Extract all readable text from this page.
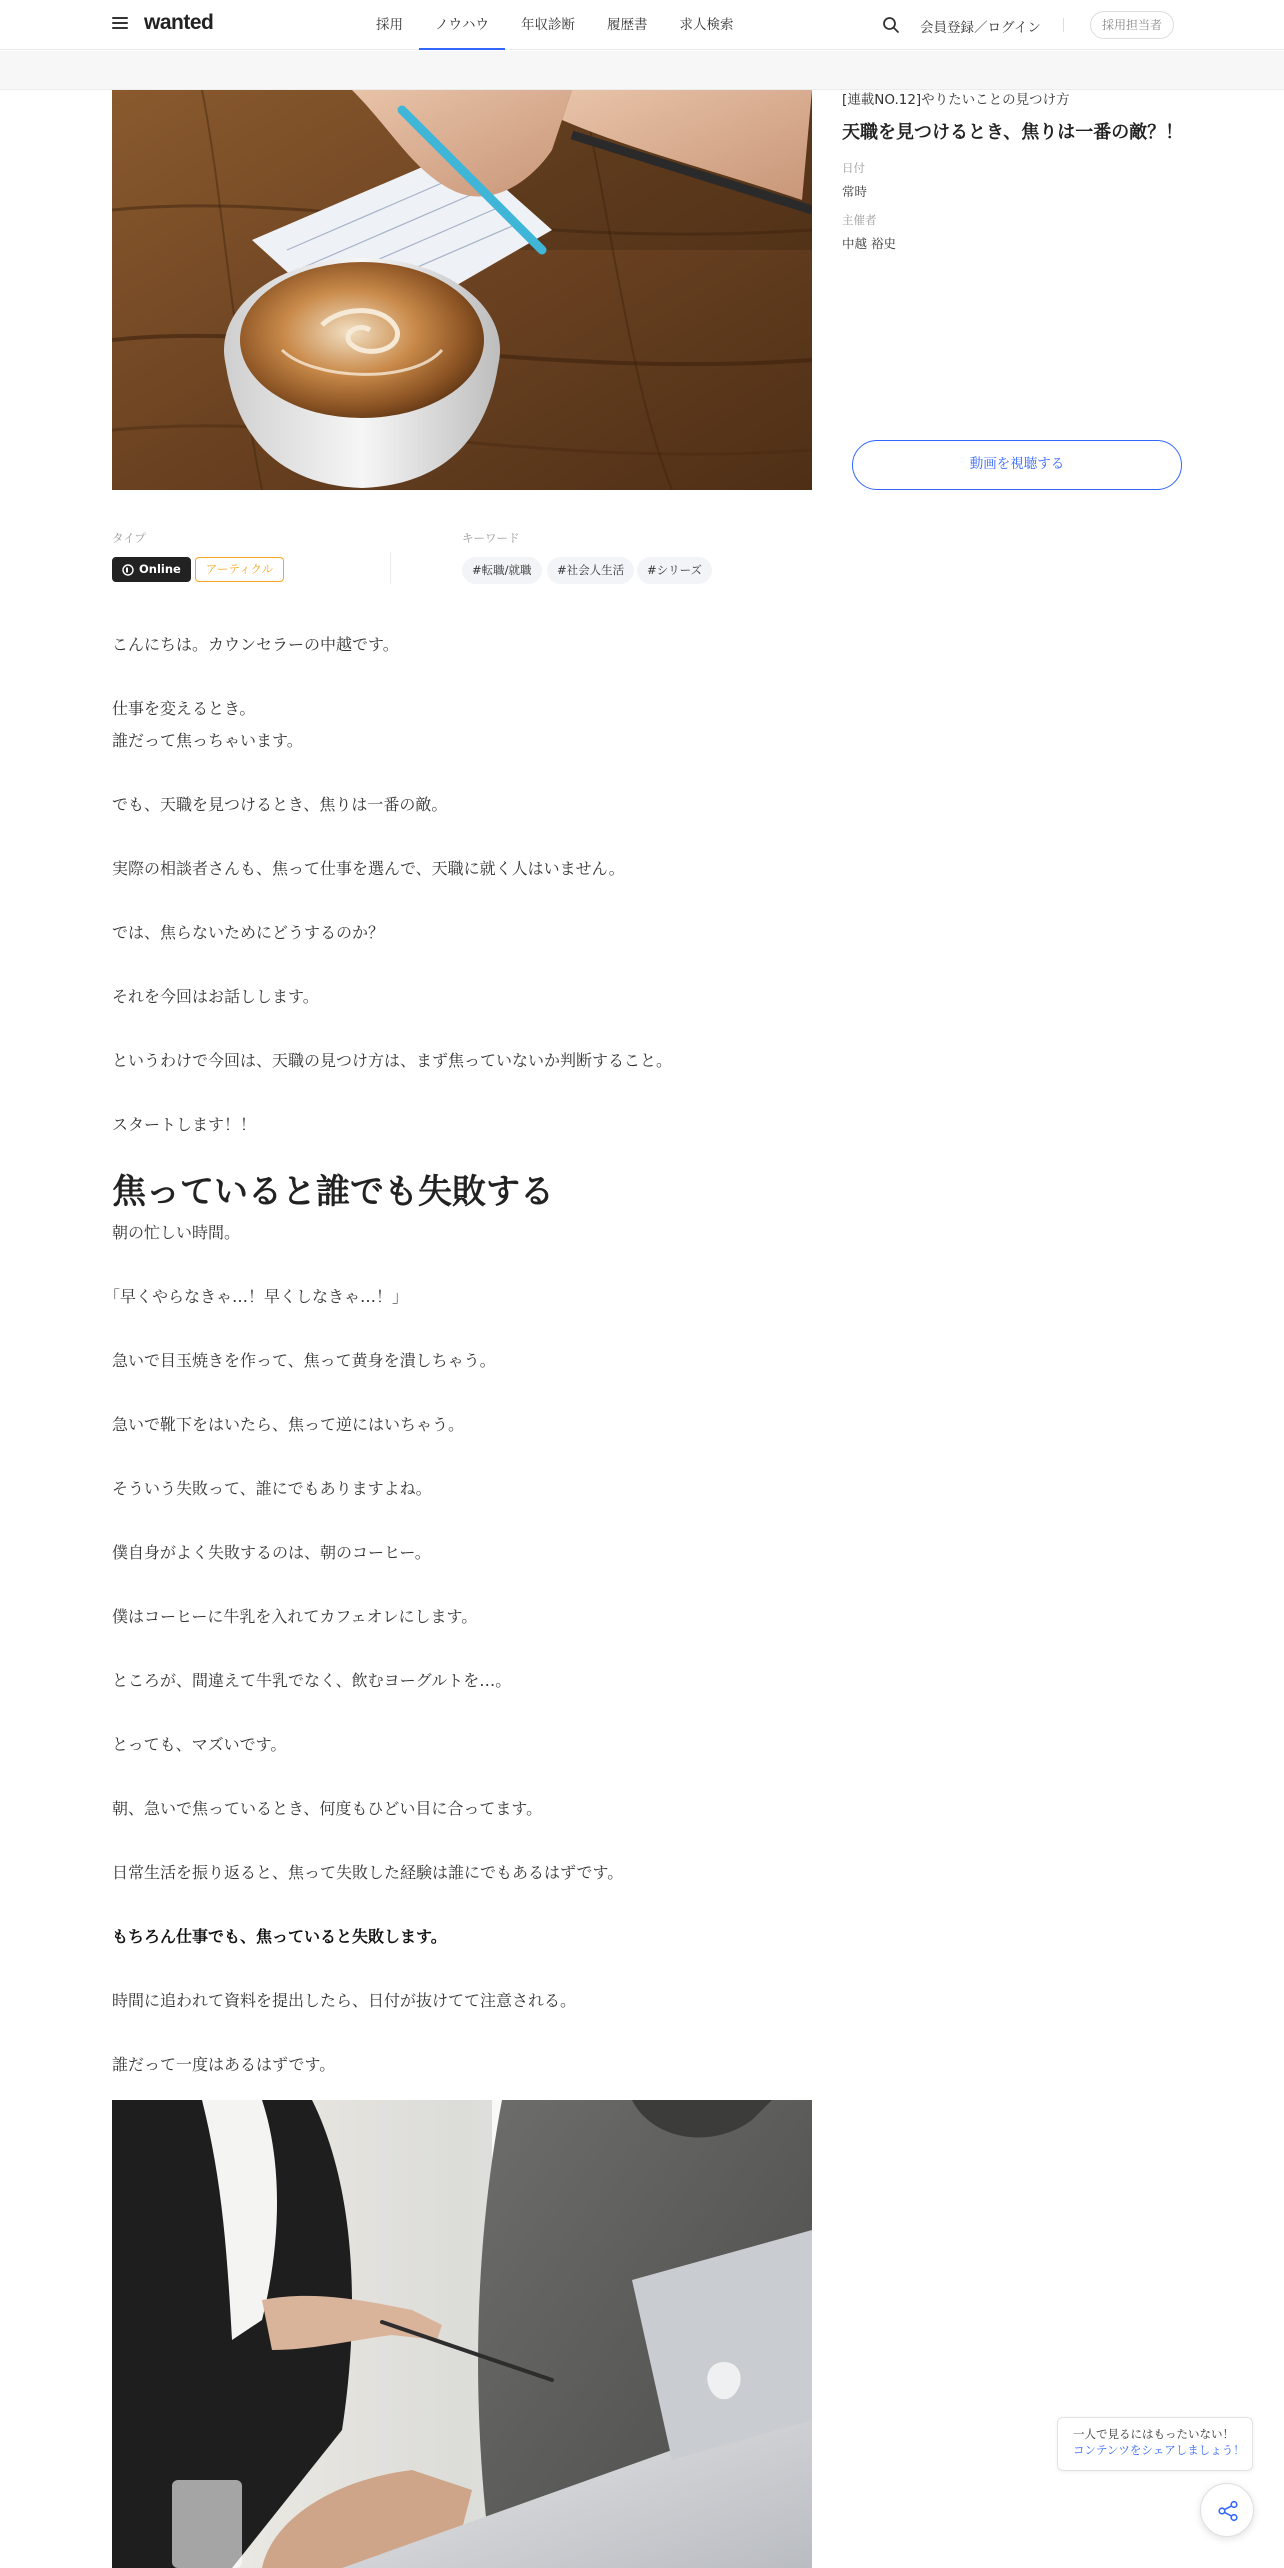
wanted	採用	ノウハウ	年収診断	履歴書	求人検索	会員登録／ログイン	採用担当者
[連載NO.12]やりたいことの見つけ方
天職を見つけるとき、焦りは一番の敵？！
日付
常時
主催者
中越 裕史
動画を視聴する
タイプ
Online	アーティクル
キーワード
#転職/就職	#社会人生活	#シリーズ
こんにちは。カウンセラーの中越です。
仕事を変えるとき。
誰だって焦っちゃいます。
でも、天職を見つけるとき、焦りは一番の敵。
実際の相談者さんも、焦って仕事を選んで、天職に就く人はいません。
では、焦らないためにどうするのか？
それを今回はお話しします。
というわけで今回は、天職の見つけ方は、まず焦っていないか判断すること。
スタートします！！
焦っていると誰でも失敗する
朝の忙しい時間。
｢早くやらなきゃ…！早くしなきゃ…！」
急いで目玉焼きを作って、焦って黄身を潰しちゃう。
急いで靴下をはいたら、焦って逆にはいちゃう。
そういう失敗って、誰にでもありますよね。
僕自身がよく失敗するのは、朝のコーヒー。
僕はコーヒーに牛乳を入れてカフェオレにします。
ところが、間違えて牛乳でなく、飲むヨーグルトを…。
とっても、マズいです。
朝、急いで焦っているとき、何度もひどい目に合ってます。
日常生活を振り返ると、焦って失敗した経験は誰にでもあるはずです。
もちろん仕事でも、焦っていると失敗します。
時間に追われて資料を提出したら、日付が抜けてて注意される。
誰だって一度はあるはずです。
一人で見るにはもったいない！
コンテンツをシェアしましょう！
